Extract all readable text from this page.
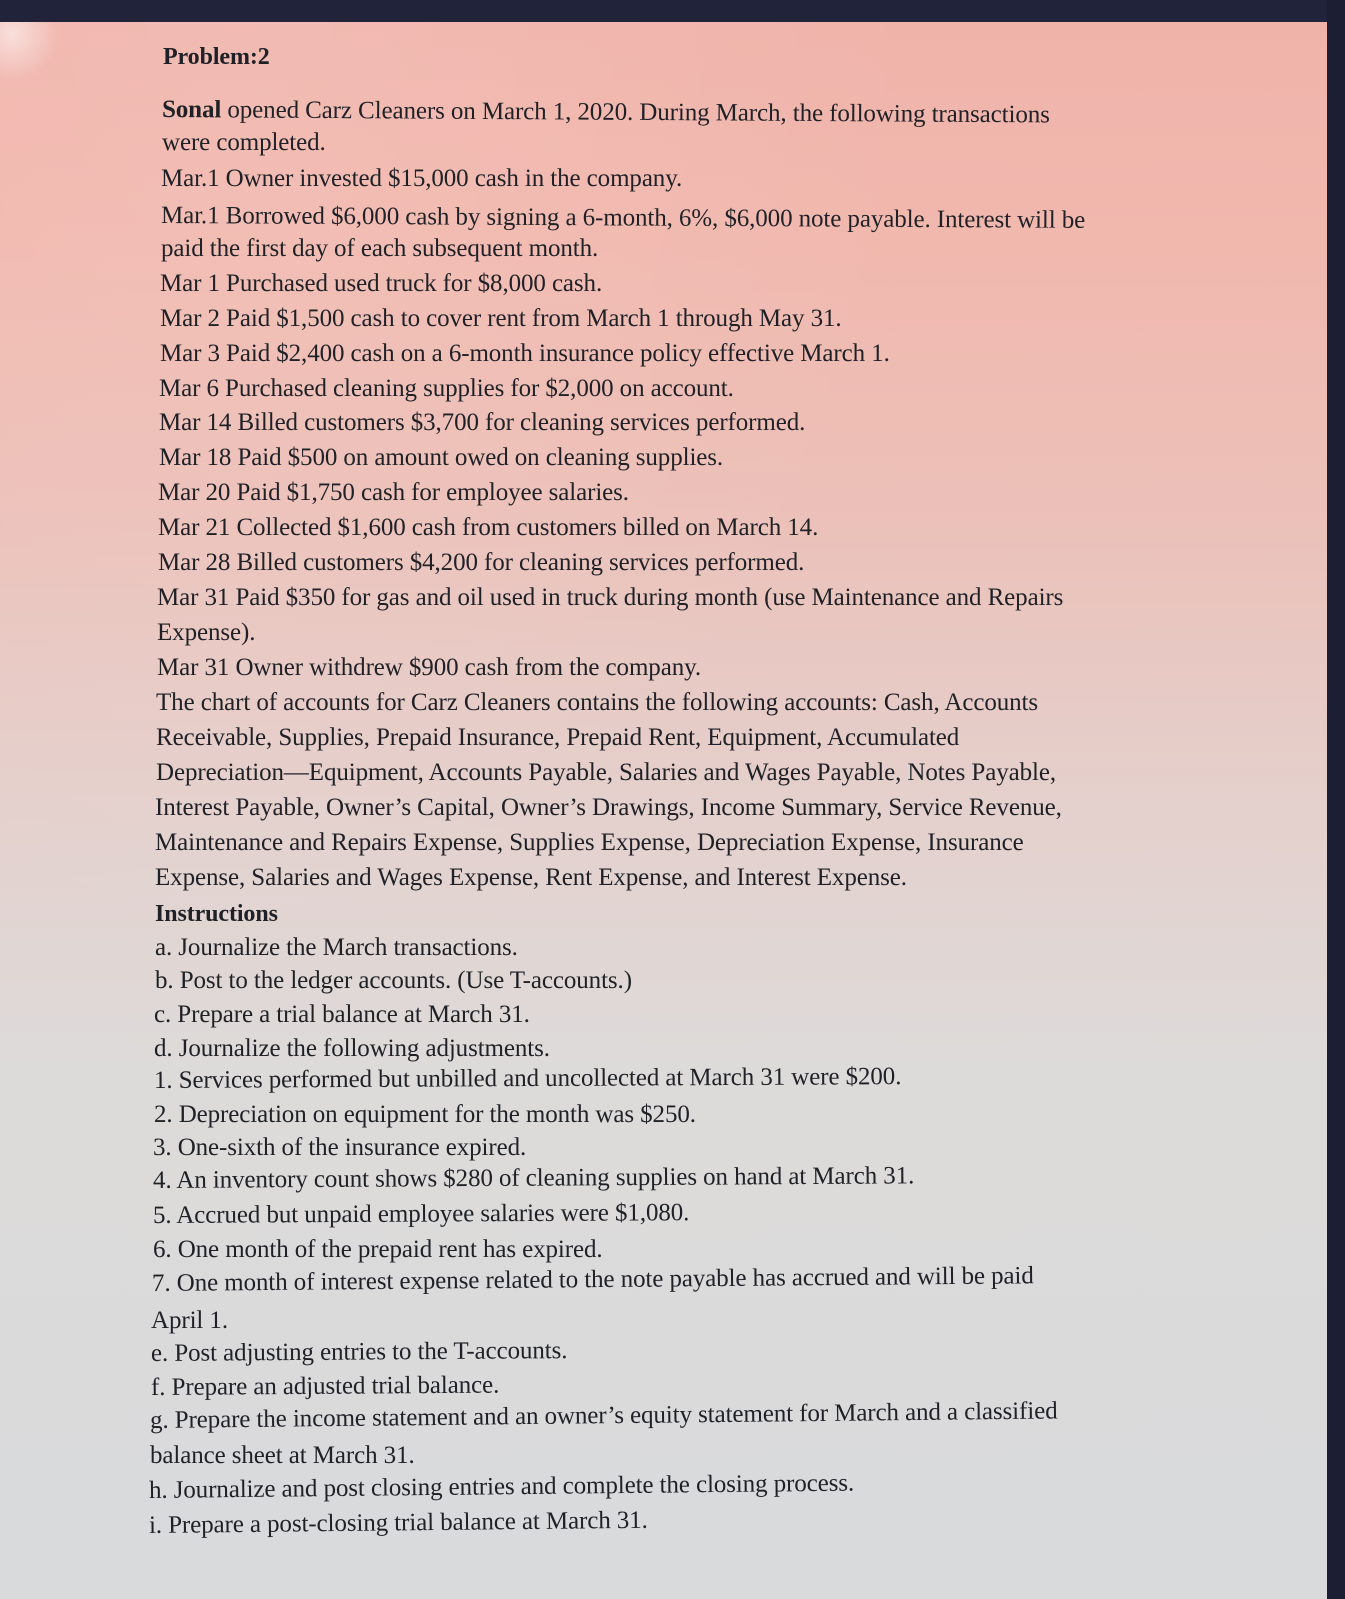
Problem:2
Sonal opened Carz Cleaners on March 1, 2020. During March, the following transactions
were completed.
Mar.1 Owner invested $15,000 cash in the company.
Mar.1 Borrowed $6,000 cash by signing a 6-month, 6%, $6,000 note payable. Interest will be
paid the first day of each subsequent month.
Mar 1 Purchased used truck for $8,000 cash.
Mar 2 Paid $1,500 cash to cover rent from March 1 through May 31.
Mar 3 Paid $2,400 cash on a 6-month insurance policy effective March 1.
Mar 6 Purchased cleaning supplies for $2,000 on account.
Mar 14 Billed customers $3,700 for cleaning services performed.
Mar 18 Paid $500 on amount owed on cleaning supplies.
Mar 20 Paid $1,750 cash for employee salaries.
Mar 21 Collected $1,600 cash from customers billed on March 14.
Mar 28 Billed customers $4,200 for cleaning services performed.
Mar 31 Paid $350 for gas and oil used in truck during month (use Maintenance and Repairs
Expense).
Mar 31 Owner withdrew $900 cash from the company.
The chart of accounts for Carz Cleaners contains the following accounts: Cash, Accounts
Receivable, Supplies, Prepaid Insurance, Prepaid Rent, Equipment, Accumulated
Depreciation—Equipment, Accounts Payable, Salaries and Wages Payable, Notes Payable,
Interest Payable, Owner’s Capital, Owner’s Drawings, Income Summary, Service Revenue,
Maintenance and Repairs Expense, Supplies Expense, Depreciation Expense, Insurance
Expense, Salaries and Wages Expense, Rent Expense, and Interest Expense.
Instructions
a. Journalize the March transactions.
b. Post to the ledger accounts. (Use T-accounts.)
c. Prepare a trial balance at March 31.
d. Journalize the following adjustments.
1. Services performed but unbilled and uncollected at March 31 were $200.
2. Depreciation on equipment for the month was $250.
3. One-sixth of the insurance expired.
4. An inventory count shows $280 of cleaning supplies on hand at March 31.
5. Accrued but unpaid employee salaries were $1,080.
6. One month of the prepaid rent has expired.
7. One month of interest expense related to the note payable has accrued and will be paid
April 1.
e. Post adjusting entries to the T-accounts.
f. Prepare an adjusted trial balance.
g. Prepare the income statement and an owner’s equity statement for March and a classified
balance sheet at March 31.
h. Journalize and post closing entries and complete the closing process.
i. Prepare a post-closing trial balance at March 31.
